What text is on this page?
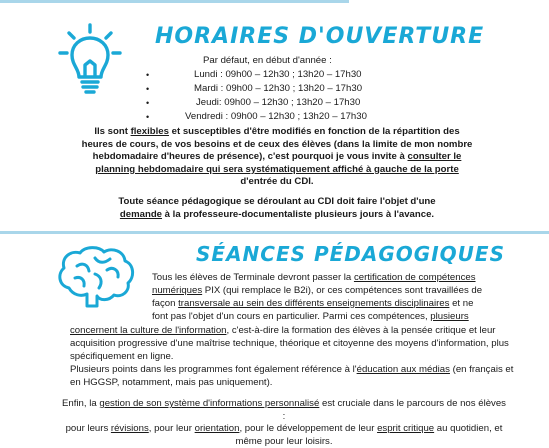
HORAIRES D'OUVERTURE
Par défaut, en début d'année :
•	Lundi : 09h00 – 12h30 ; 13h20 – 17h30
•	Mardi : 09h00 – 12h30 ; 13h20 – 17h30
•	Jeudi: 09h00 – 12h30 ; 13h20 – 17h30
•	Vendredi : 09h00 – 12h30 ; 13h20 – 17h30
Ils sont flexibles et susceptibles d'être modifiés en fonction de la répartition des
heures de cours, de vos besoins et de ceux des élèves (dans la limite de mon nombre
hebdomadaire d'heures de présence), c'est pourquoi je vous invite à consulter le
planning hebdomadaire qui sera systématiquement affiché à gauche de la porte
d'entrée du CDI.
Toute séance pédagogique se déroulant au CDI doit faire l'objet d'une
demande à la professeure-documentaliste plusieurs jours à l'avance.
SÉANCES PÉDAGOGIQUES
Tous les élèves de Terminale devront passer la certification de compétences
numériques PIX (qui remplace le B2i), or ces compétences sont travaillées de
façon transversale au sein des différents enseignements disciplinaires et ne
font pas l'objet d'un cours en particulier. Parmi ces compétences, plusieurs
concernent la culture de l'information, c'est-à-dire la formation des élèves à la pensée critique et leur
acquisition progressive d'une maîtrise technique, théorique et citoyenne des moyens d'information, plus
spécifiquement en ligne.
Plusieurs points dans les programmes font également référence à l'éducation aux médias (en français et
en HGGSP, notamment, mais pas uniquement).
Enfin, la gestion de son système d'informations personnalisé est cruciale dans le parcours de nos élèves :
pour leurs révisions, pour leur orientation, pour le développement de leur esprit critique au quotidien, et
même pour leur loisirs.
